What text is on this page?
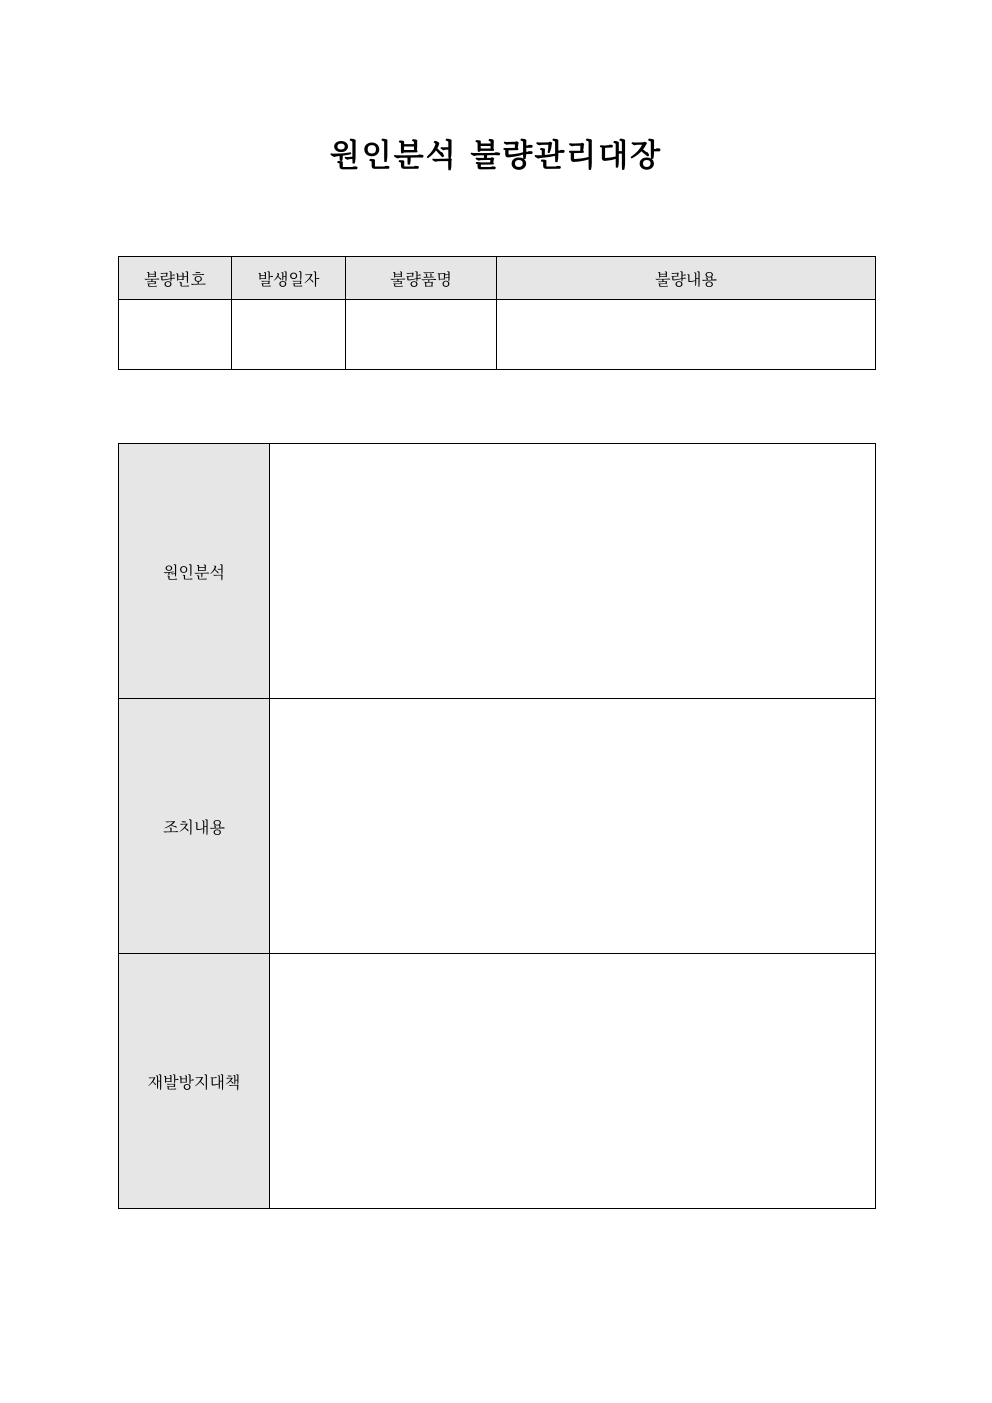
원인분석 불량관리대장
불량번호	발생일자	불량품명	불량내용

원인분석	
조치내용	
재발방지대책	
